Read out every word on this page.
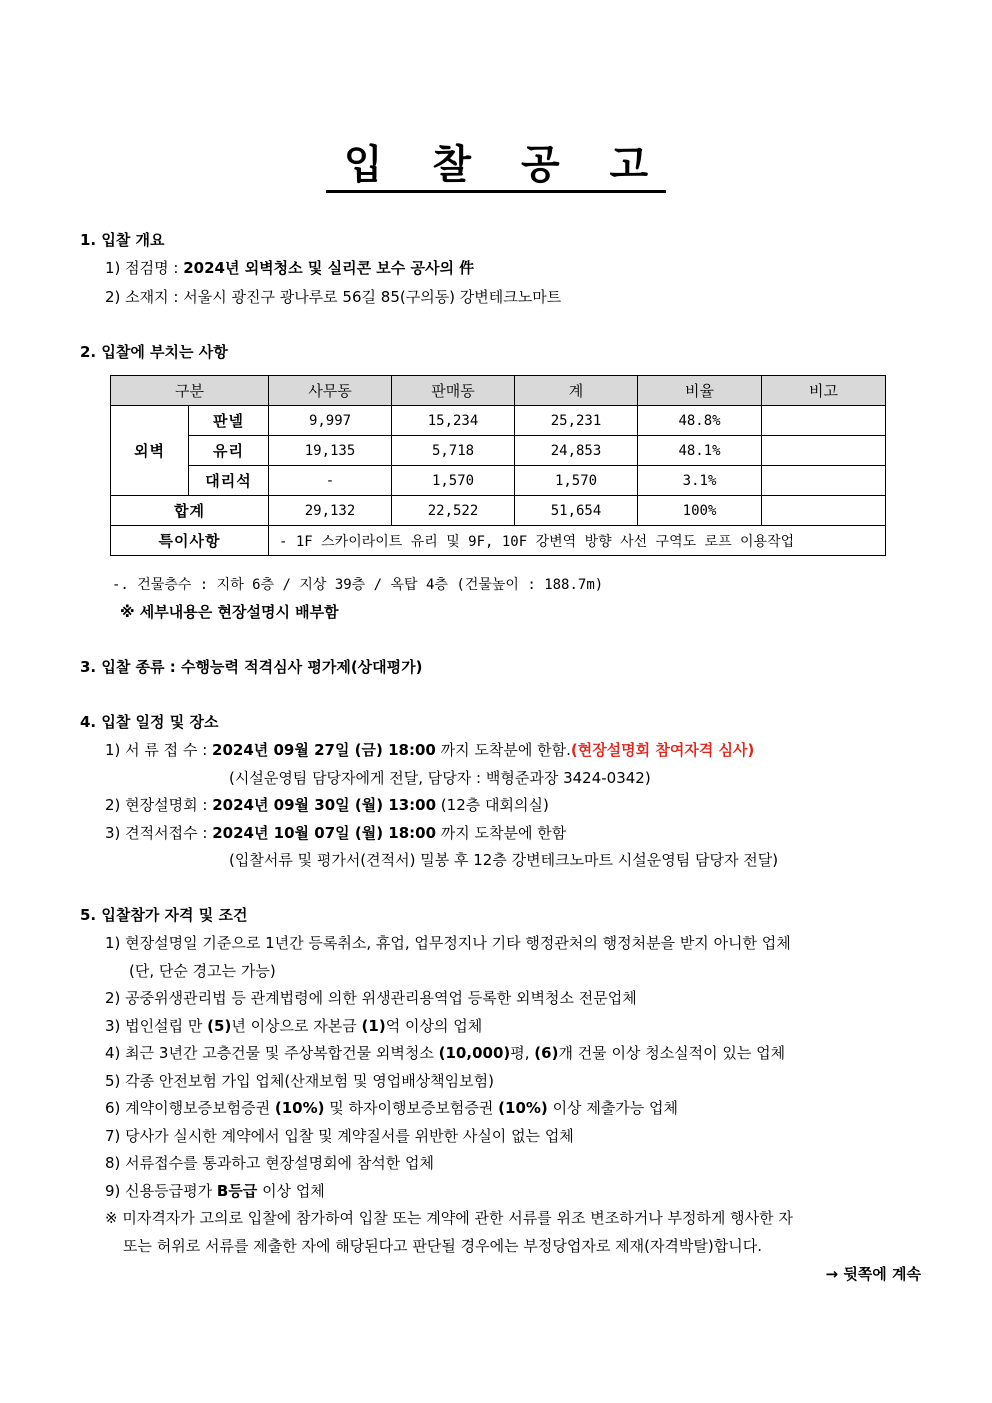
입 찰 공 고
1. 입찰 개요
1) 점검명 : 2024년 외벽청소 및 실리콘 보수 공사의 件
2) 소재지 : 서울시 광진구 광나루로 56길 85(구의동) 강변테크노마트
2. 입찰에 부치는 사항
구분		사무동	판매동	계	비율	비고
외벽	판넬	9,997	15,234	25,231	48.8%	
	유리	19,135	5,718	24,853	48.1%	
	대리석	-	1,570	1,570	3.1%	
합계		29,132	22,522	51,654	100%	
특이사항		- 1F 스카이라이트 유리 및 9F, 10F 강변역 방향 사선 구역도 로프 이용작업				
-. 건물층수 : 지하 6층 / 지상 39층 / 옥탑 4층 (건물높이 : 188.7m)
※ 세부내용은 현장설명시 배부함
3. 입찰 종류 : 수행능력 적격심사 평가제(상대평가)
4. 입찰 일정 및 장소
1) 서 류 접 수 : 2024년 09월 27일 (금) 18:00 까지 도착분에 한함.(현장설명회 참여자격 심사)
(시설운영팀 담당자에게 전달, 담당자 : 백형준과장 3424-0342)
2) 현장설명회 : 2024년 09월 30일 (월) 13:00 (12층 대회의실)
3) 견적서접수 : 2024년 10월 07일 (월) 18:00 까지 도착분에 한함
(입찰서류 및 평가서(견적서) 밀봉 후 12층 강변테크노마트 시설운영팀 담당자 전달)
5. 입찰참가 자격 및 조건
1) 현장설명일 기준으로 1년간 등록취소, 휴업, 업무정지나 기타 행정관처의 행정처분을 받지 아니한 업체
(단, 단순 경고는 가능)
2) 공중위생관리법 등 관계법령에 의한 위생관리용역업 등록한 외벽청소 전문업체
3) 법인설립 만 (5)년 이상으로 자본금 (1)억 이상의 업체
4) 최근 3년간 고층건물 및 주상복합건물 외벽청소 (10,000)평, (6)개 건물 이상 청소실적이 있는 업체
5) 각종 안전보험 가입 업체(산재보험 및 영업배상책임보험)
6) 계약이행보증보험증권 (10%) 및 하자이행보증보험증권 (10%) 이상 제출가능 업체
7) 당사가 실시한 계약에서 입찰 및 계약질서를 위반한 사실이 없는 업체
8) 서류접수를 통과하고 현장설명회에 참석한 업체
9) 신용등급평가 B등급 이상 업체
※ 미자격자가 고의로 입찰에 참가하여 입찰 또는 계약에 관한 서류를 위조 변조하거나 부정하게 행사한 자
또는 허위로 서류를 제출한 자에 해당된다고 판단될 경우에는 부정당업자로 제재(자격박탈)합니다.
→ 뒷쪽에 계속
